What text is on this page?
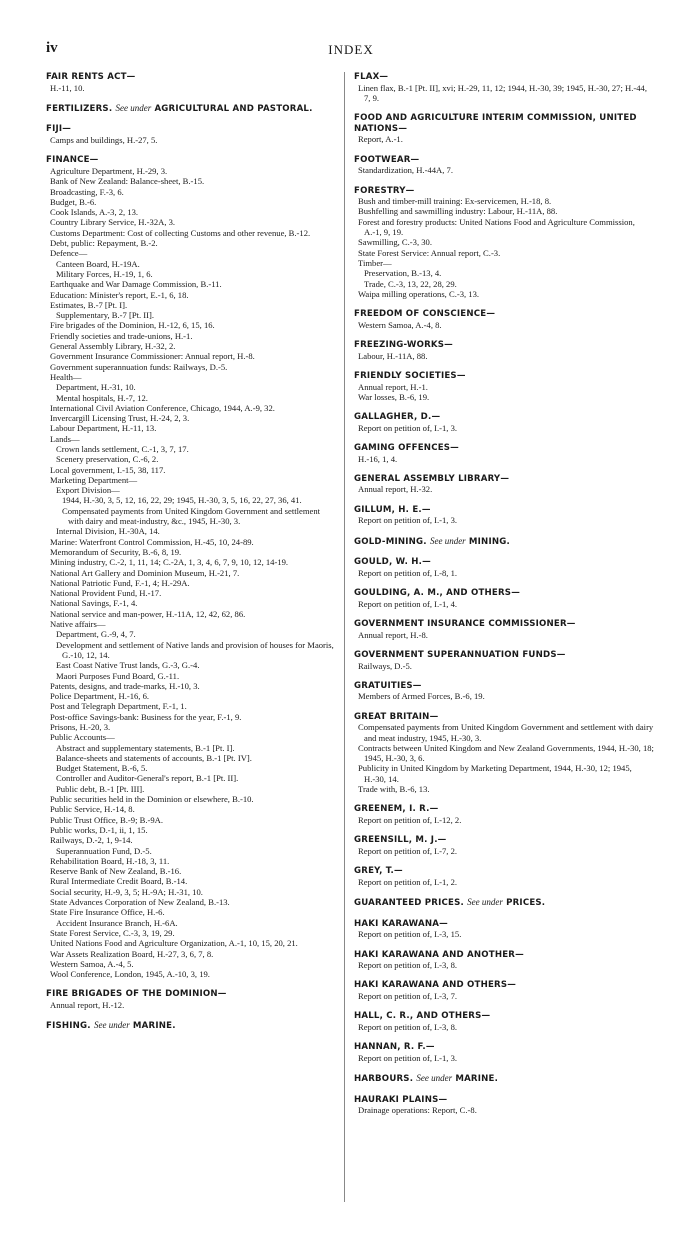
iv	INDEX
FAIR RENTS ACT—
H.-11, 10.
FERTILIZERS. See under AGRICULTURAL AND PASTORAL.
FIJI—
Camps and buildings, H.-27, 5.
FINANCE—
Agriculture Department, H.-29, 3.
Bank of New Zealand: Balance-sheet, B.-15.
Broadcasting, F.-3, 6.
Budget, B.-6.
Cook Islands, A.-3, 2, 13.
Country Library Service, H.-32A, 3.
Customs Department: Cost of collecting Customs and other revenue, B.-12.
Debt, public: Repayment, B.-2.
Defence—
Canteen Board, H.-19A.
Military Forces, H.-19, 1, 6.
Earthquake and War Damage Commission, B.-11.
Education: Minister's report, E.-1, 6, 18.
Estimates, B.-7 [Pt. I].
Supplementary, B.-7 [Pt. II].
Fire brigades of the Dominion, H.-12, 6, 15, 16.
Friendly societies and trade-unions, H.-1.
General Assembly Library, H.-32, 2.
Government Insurance Commissioner: Annual report, H.-8.
Government superannuation funds: Railways, D.-5.
Health—
Department, H.-31, 10.
Mental hospitals, H.-7, 12.
International Civil Aviation Conference, Chicago, 1944, A.-9, 32.
Invercargill Licensing Trust, H.-24, 2, 3.
Labour Department, H.-11, 13.
Lands—
Crown lands settlement, C.-1, 3, 7, 17.
Scenery preservation, C.-6, 2.
Local government, I.-15, 38, 117.
Marketing Department—
Export Division—
1944, H.-30, 3, 5, 12, 16, 22, 29; 1945, H.-30, 3, 5, 16, 22, 27, 36, 41.
Compensated payments from United Kingdom Government and settlement with dairy and meat-industry, &c., 1945, H.-30, 3.
Internal Division, H.-30A, 14.
Marine: Waterfront Control Commission, H.-45, 10, 24-89.
Memorandum of Security, B.-6, 8, 19.
Mining industry, C.-2, 1, 11, 14; C.-2A, 1, 3, 4, 6, 7, 9, 10, 12, 14-19.
National Art Gallery and Dominion Museum, H.-21, 7.
National Patriotic Fund, F.-1, 4; H.-29A.
National Provident Fund, H.-17.
National Savings, F.-1, 4.
National service and man-power, H.-11A, 12, 42, 62, 86.
Native affairs—
Department, G.-9, 4, 7.
Development and settlement of Native lands and provision of houses for Maoris, G.-10, 12, 14.
East Coast Native Trust lands, G.-3, G.-4.
Maori Purposes Fund Board, G.-11.
Patents, designs, and trade-marks, H.-10, 3.
Police Department, H.-16, 6.
Post and Telegraph Department, F.-1, 1.
Post-office Savings-bank: Business for the year, F.-1, 9.
Prisons, H.-20, 3.
Public Accounts—
Abstract and supplementary statements, B.-1 [Pt. I].
Balance-sheets and statements of accounts, B.-1 [Pt. IV].
Budget Statement, B.-6, 5.
Controller and Auditor-General's report, B.-1 [Pt. II].
Public debt, B.-1 [Pt. III].
Public securities held in the Dominion or elsewhere, B.-10.
Public Service, H.-14, 8.
Public Trust Office, B.-9; B.-9A.
Public works, D.-1, ii, 1, 15.
Railways, D.-2, 1, 9-14.
Superannuation Fund, D.-5.
Rehabilitation Board, H.-18, 3, 11.
Reserve Bank of New Zealand, B.-16.
Rural Intermediate Credit Board, B.-14.
Social security, H.-9, 3, 5; H.-9A; H.-31, 10.
State Advances Corporation of New Zealand, B.-13.
State Fire Insurance Office, H.-6.
Accident Insurance Branch, H.-6A.
State Forest Service, C.-3, 3, 19, 29.
United Nations Food and Agriculture Organization, A.-1, 10, 15, 20, 21.
War Assets Realization Board, H.-27, 3, 6, 7, 8.
Western Samoa, A.-4, 5.
Wool Conference, London, 1945, A.-10, 3, 19.
FIRE BRIGADES OF THE DOMINION—
Annual report, H.-12.
FISHING. See under MARINE.
FLAX—
Linen flax, B.-1 [Pt. II], xvi; H.-29, 11, 12; 1944, H.-30, 39; 1945, H.-30, 27; H.-44, 7, 9.
FOOD AND AGRICULTURE INTERIM COMMISSION, UNITED NATIONS—
Report, A.-1.
FOOTWEAR—
Standardization, H.-44A, 7.
FORESTRY—
Bush and timber-mill training: Ex-servicemen, H.-18, 8.
Bushfelling and sawmilling industry: Labour, H.-11A, 88.
Forest and forestry products: United Nations Food and Agriculture Commission, A.-1, 9, 19.
Sawmilling, C.-3, 30.
State Forest Service: Annual report, C.-3.
Timber—
Preservation, B.-13, 4.
Trade, C.-3, 13, 22, 28, 29.
Waipa milling operations, C.-3, 13.
FREEDOM OF CONSCIENCE—
Western Samoa, A.-4, 8.
FREEZING-WORKS—
Labour, H.-11A, 88.
FRIENDLY SOCIETIES—
Annual report, H.-1.
War losses, B.-6, 19.
GALLAGHER, D.—
Report on petition of, I.-1, 3.
GAMING OFFENCES—
H.-16, 1, 4.
GENERAL ASSEMBLY LIBRARY—
Annual report, H.-32.
GILLUM, H. E.—
Report on petition of, I.-1, 3.
GOLD-MINING. See under MINING.
GOULD, W. H.—
Report on petition of, I.-8, 1.
GOULDING, A. M., AND OTHERS—
Report on petition of, I.-1, 4.
GOVERNMENT INSURANCE COMMISSIONER—
Annual report, H.-8.
GOVERNMENT SUPERANNUATION FUNDS—
Railways, D.-5.
GRATUITIES—
Members of Armed Forces, B.-6, 19.
GREAT BRITAIN—
Compensated payments from United Kingdom Government and settlement with dairy and meat industry, 1945, H.-30, 3.
Contracts between United Kingdom and New Zealand Governments, 1944, H.-30, 18; 1945, H.-30, 3, 6.
Publicity in United Kingdom by Marketing Department, 1944, H.-30, 12; 1945, H.-30, 14.
Trade with, B.-6, 13.
GREENEM, I. R.—
Report on petition of, I.-12, 2.
GREENSILL, M. J.—
Report on petition of, I.-7, 2.
GREY, T.—
Report on petition of, I.-1, 2.
GUARANTEED PRICES. See under PRICES.
HAKI KARAWANA—
Report on petition of, I.-3, 15.
HAKI KARAWANA AND ANOTHER—
Report on petition of, I.-3, 8.
HAKI KARAWANA AND OTHERS—
Report on petition of, I.-3, 7.
HALL, C. R., AND OTHERS—
Report on petition of, I.-3, 8.
HANNAN, R. F.—
Report on petition of, I.-1, 3.
HARBOURS. See under MARINE.
HAURAKI PLAINS—
Drainage operations: Report, C.-8.
